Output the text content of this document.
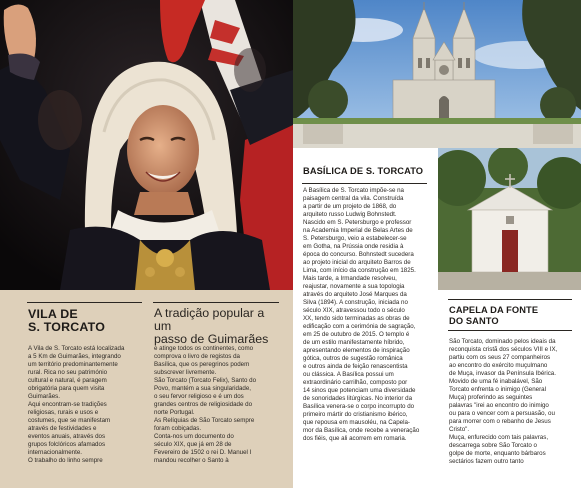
VILA DE
S. TORCATO

A Vila de S. Torcato está localizada
a 5 Km de Guimarães, integrando
um território predominantemente
rural. Rica no seu património
cultural e natural, é paragem
obrigatória para quem visita
Guimarães.
Aqui encontram-se tradições
religiosas, rurais e usos e
costumes, que se manifestam
através de festividades e
eventos anuais, através dos
grupos folclóricos afamados
internacionalmente.
O trabalho do linho sempre

A tradição popular a um
passo de Guimarães

e atinge todos os continentes, como
comprova o livro de registos da
Basílica, que os peregrinos podem
subscrever livremente.
São Torcato (Torcato Felix), Santo do
Povo, mantém a sua singularidade,
o seu fervor religioso e é um dos
grandes centros de religiosidade do
norte Portugal.
As Relíquias de São Torcato sempre
foram cobiçadas.
Conta-nos um documento do
século XIX, que já em 28 de
Fevereiro de 1502 o rei D. Manuel I
mandou recolher o Santo à

BASÍLICA DE S. TORCATO

A Basílica de S. Torcato impõe-se na
paisagem central da vila. Construída
a partir de um projeto de 1868, do
arquiteto russo Ludwig Bohnstedt.
Nascido em S. Petersburgo e professor
na Academia Imperial de Belas Artes de
S. Petersburgo, veio a estabelecer-se
em Gotha, na Prússia onde residia à
época do concurso. Bohnstedt sucedera
ao projeto inicial do arquiteto Barros de
Lima, com início da construção em 1825.
Mais tarde, a Irmandade resolveu,
reajustar, novamente a sua topologia
através do arquiteto José Marques da
Silva (1894). A construção, iniciada no
século XIX, atravessou todo o século
XX, tendo sido terminadas as obras de
edificação com a cerimónia de sagração,
em 25 de outubro de 2015. O templo é
de um estilo manifestamente híbrido,
apresentando elementos de inspiração
gótica, outros de sugestão românica
e outros ainda de feição renascentista
ou clássica. A Basílica possui um
extraordinário carrilhão, composto por
14 sinos que potenciam uma diversidade
de sonoridades litúrgicas. No interior da
Basílica venera-se o corpo incorrupto do
primeiro mártir do cristianismo ibérico,
que repousa em mausoléu, na Capela-
mor da Basílica, onde recebe a veneração
dos fiéis, que ali acorrem em romaria.

CAPELA DA FONTE
DO SANTO

São Torcato, dominado pelos ideais da
reconquista cristã dos séculos VIII e IX,
partiu com os seus 27 companheiros
ao encontro do exército muçulmano
de Muça, invasor da Península Ibérica.
Movido de uma fé inabalável, São
Torcato enfrenta o inimigo (General
Muça) proferindo as seguintes
palavras "irei ao encontro do inimigo
ou para o vencer com a persuasão, ou
para morrer com o rebanho de Jesus
Cristo".
Muça, enfurecido com tais palavras,
descarrega sobre São Torcato o
golpe de morte, enquanto bárbaros
sectários fazem outro tanto
